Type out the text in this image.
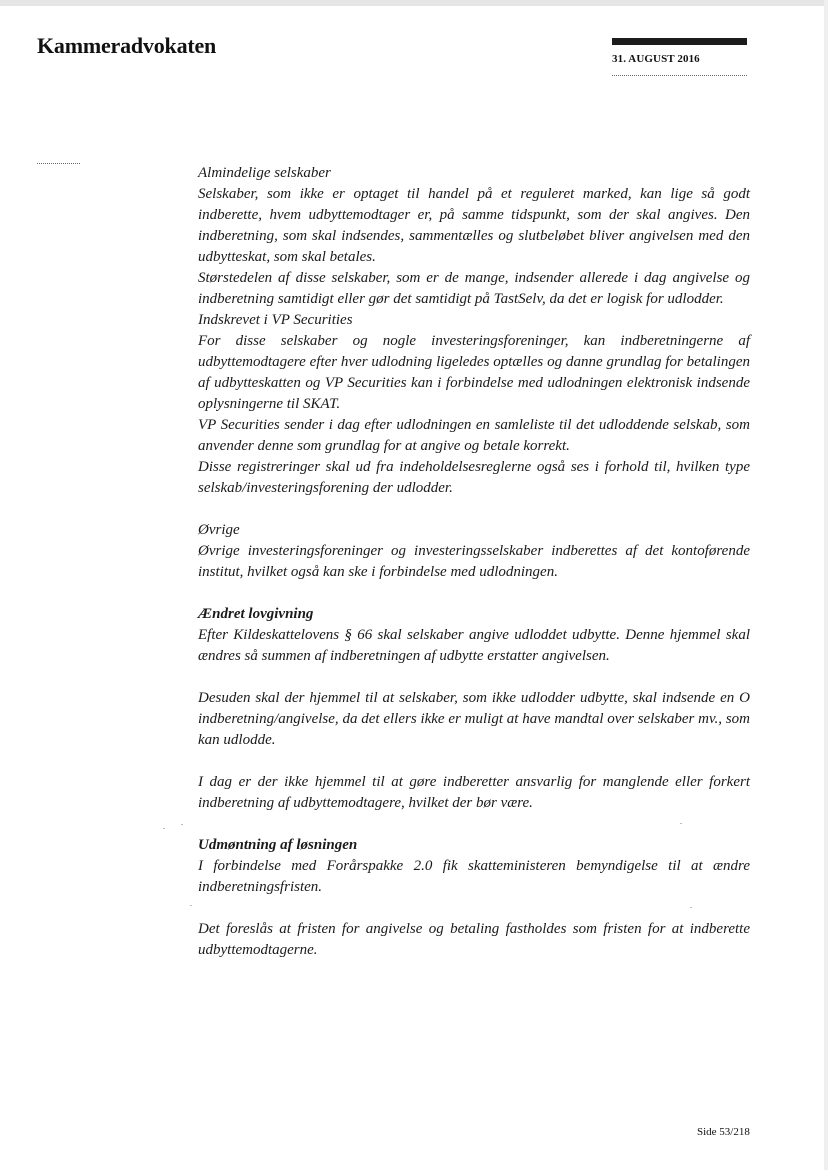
Kammeradvokaten
31. AUGUST 2016

Almindelige selskaber

Selskaber, som ikke er optaget til handel på et reguleret marked, kan lige så godt indberette, hvem udbyttemodtager er, på samme tidspunkt, som der skal angives. Den indberetning, som skal indsendes, sammentælles og slutbeløbet bliver angivelsen med den udbytteskat, som skal betales.

Størstedelen af disse selskaber, som er de mange, indsender allerede i dag angivelse og indberetning samtidigt eller gør det samtidigt på TastSelv, da det er logisk for udlodder.

Indskrevet i VP Securities

For disse selskaber og nogle investeringsforeninger, kan indberetningerne af udbyttemodtagere efter hver udlodning ligeledes optælles og danne grundlag for betalingen af udbytteskatten og VP Securities kan i forbindelse med udlodningen elektronisk indsende oplysningerne til SKAT.

VP Securities sender i dag efter udlodningen en samleliste til det udloddende selskab, som anvender denne som grundlag for at angive og betale korrekt.

Disse registreringer skal ud fra indeholdelsesreglerne også ses i forhold til, hvilken type selskab/investeringsforening der udlodder.

Øvrige

Øvrige investeringsforeninger og investeringsselskaber indberettes af det kontoførende institut, hvilket også kan ske i forbindelse med udlodningen.

Ændret lovgivning

Efter Kildeskattelovens § 66 skal selskaber angive udloddet udbytte. Denne hjemmel skal ændres så summen af indberetningen af udbytte erstatter angivelsen.

Desuden skal der hjemmel til at selskaber, som ikke udlodder udbytte, skal indsende en O indberetning/angivelse, da det ellers ikke er muligt at have mandtal over selskaber mv., som kan udlodde.

I dag er der ikke hjemmel til at gøre indberetter ansvarlig for manglende eller forkert indberetning af udbyttemodtagere, hvilket der bør være.

Udmøntning af løsningen

I forbindelse med Forårspakke 2.0 fik skatteministeren bemyndigelse til at ændre indberetningsfristen.

Det foreslås at fristen for angivelse og betaling fastholdes som fristen for at indberette udbyttemodtagerne.

Side 53/218
